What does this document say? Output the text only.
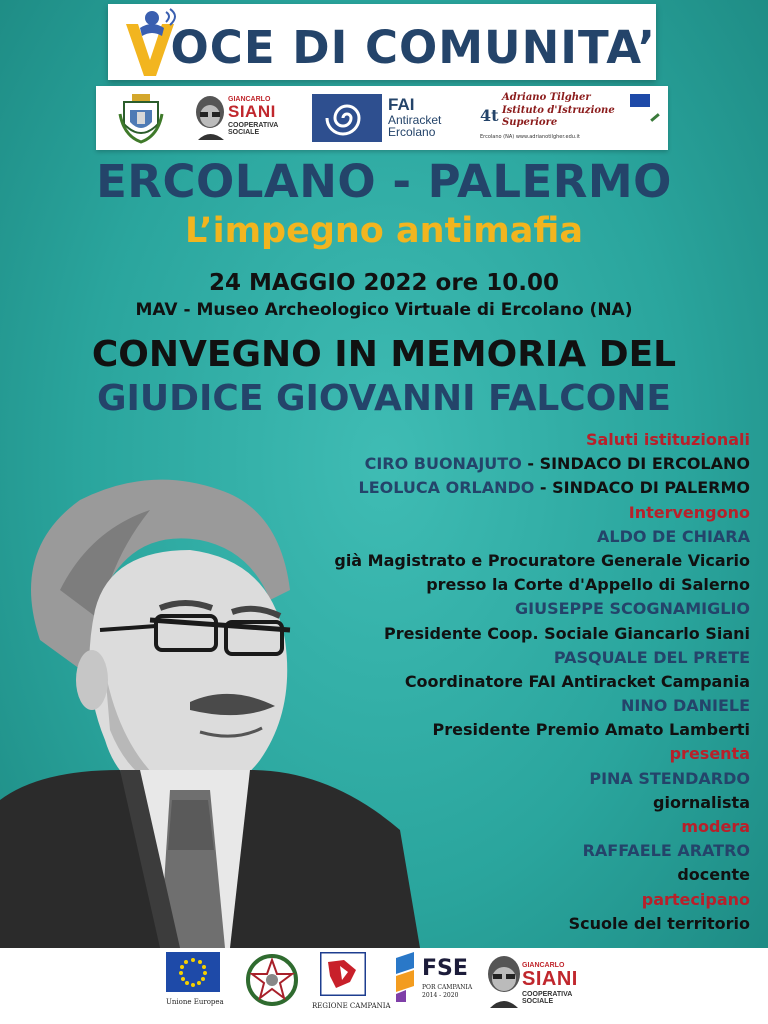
OCE DI COMUNITA’
GIANCARLO
SIANI
COOPERATIVA
SOCIALE
FAI
Antiracket
Ercolano
4t
Adriano Tilgher
Istituto d'Istruzione Superiore
Ercolano (NA) www.adrianotilgher.edu.it
ERCOLANO - PALERMO
L’impegno antimafia
24 MAGGIO 2022 ore 10.00
MAV - Museo Archeologico Virtuale di Ercolano (NA)
CONVEGNO IN MEMORIA DEL
GIUDICE GIOVANNI FALCONE
Saluti istituzionali
CIRO BUONAJUTO - SINDACO DI ERCOLANO
LEOLUCA ORLANDO - SINDACO DI PALERMO
Intervengono
ALDO DE CHIARA
già Magistrato e Procuratore Generale Vicario
presso la Corte d'Appello di Salerno
GIUSEPPE SCOGNAMIGLIO
Presidente Coop. Sociale Giancarlo Siani
PASQUALE DEL PRETE
Coordinatore FAI Antiracket Campania
NINO DANIELE
Presidente Premio Amato Lamberti
presenta
PINA STENDARDO
giornalista
modera
RAFFAELE ARATRO
docente
partecipano
Scuole del territorio
Unione Europea	REGIONE CAMPANIA
FSE
POR CAMPANIA
2014 - 2020
GIANCARLO
SIANI
COOPERATIVA
SOCIALE
